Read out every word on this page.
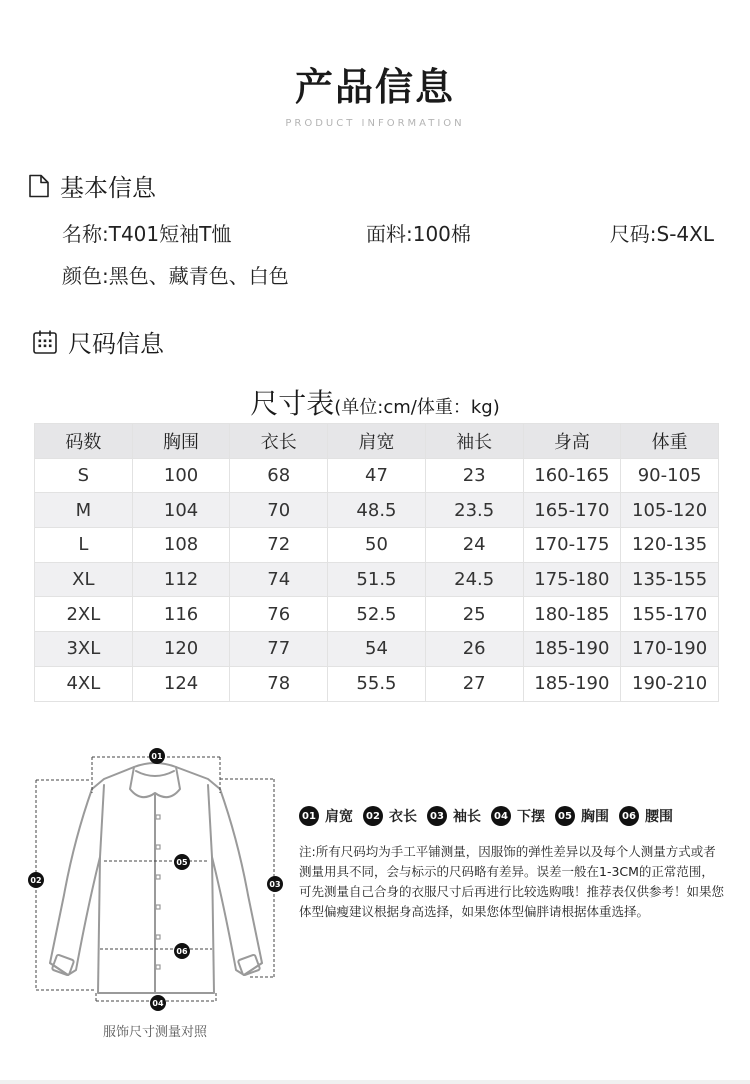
产品信息
PRODUCT INFORMATION
基本信息
名称:T401短袖T恤	面料:100棉	尺码:S-4XL
颜色:黑色、藏青色、白色
尺码信息
尺寸表(单位:cm/体重：kg)
码数	胸围	衣长	肩宽	袖长	身高	体重
S	100	68	47	23	160-165	90-105
M	104	70	48.5	23.5	165-170	105-120
L	108	72	50	24	170-175	120-135
XL	112	74	51.5	24.5	175-180	135-155
2XL	116	76	52.5	25	180-185	155-170
3XL	120	77	54	26	185-190	170-190
4XL	124	78	55.5	27	185-190	190-210
01
02	03
04
05
06
服饰尺寸测量对照
01 肩宽	02 衣长	03 袖长	04 下摆	05 胸围	06 腰围
注:所有尺码均为手工平铺测量，因服饰的弹性差异以及每个人测量方式或者测量用具不同，会与标示的尺码略有差异。误差一般在1-3CM的正常范围，可先测量自己合身的衣服尺寸后再进行比较选购哦！推荐表仅供参考！如果您体型偏瘦建议根据身高选择，如果您体型偏胖请根据体重选择。
